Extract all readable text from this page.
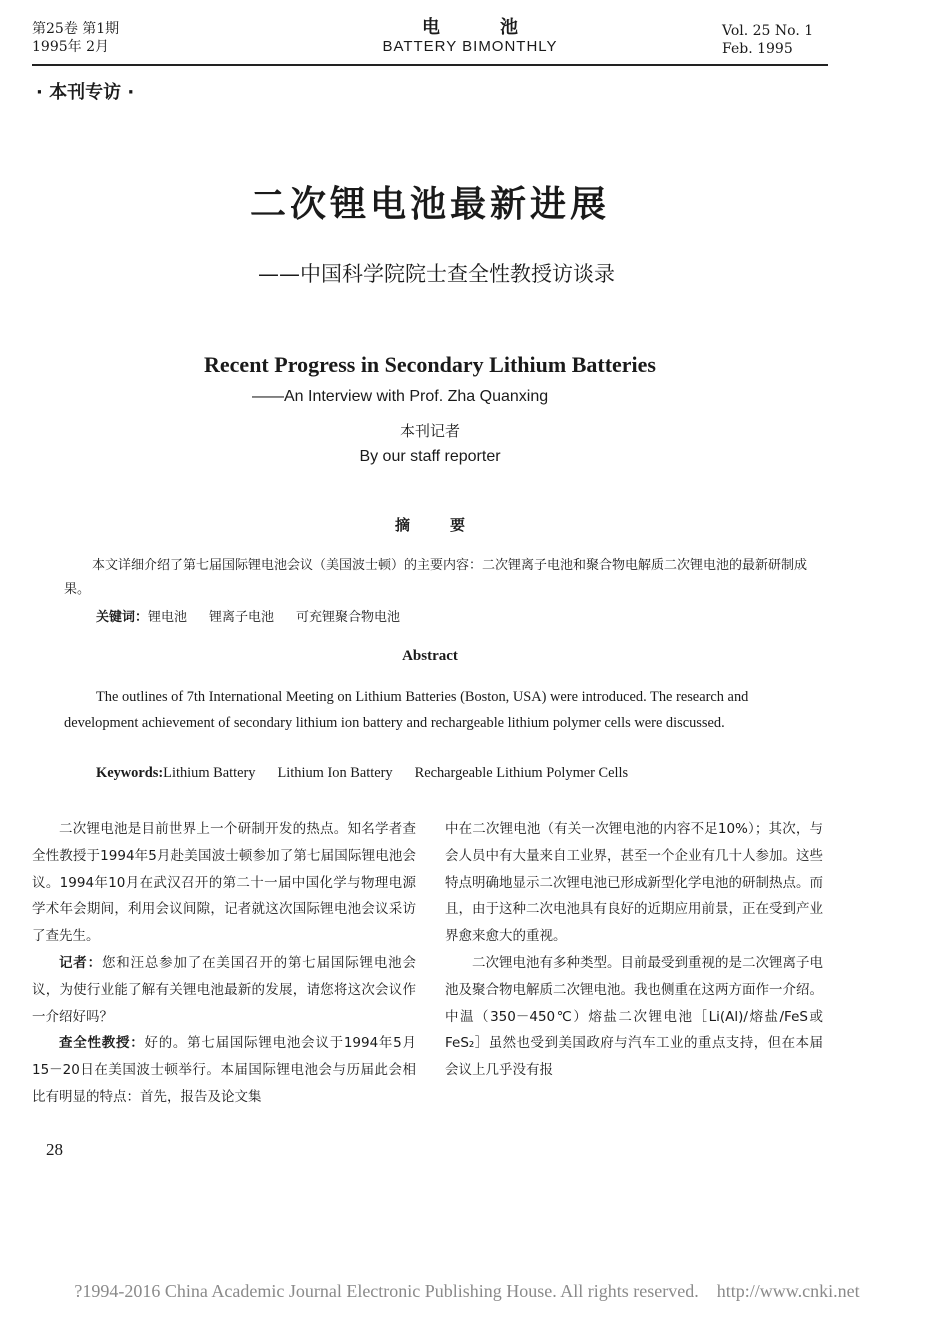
第25卷 第1期
1995年 2月
电池
BATTERY BIMONTHLY
Vol. 25 No. 1
Feb. 1995
· 本刊专访 ·
二次锂电池最新进展
——中国科学院院士查全性教授访谈录
Recent Progress in Secondary Lithium Batteries
——An Interview with Prof. Zha Quanxing
本刊记者
By our staff reporter
摘要

本文详细介绍了第七届国际锂电池会议（美国波士顿）的主要内容：二次锂离子电池和聚合物电解质二次锂电池的最新研制成果。

关键词：锂电池 锂离子电池 可充锂聚合物电池
Abstract

The outlines of 7th International Meeting on Lithium Batteries (Boston, USA) were introduced. The research and development achievement of secondary lithium ion battery and rechargeable lithium polymer cells were discussed.

Keywords:Lithium Battery Lithium Ion Battery Rechargeable Lithium Polymer Cells

二次锂电池是目前世界上一个研制开发的热点。知名学者查全性教授于1994年5月赴美国波士顿参加了第七届国际锂电池会议。1994年10月在武汉召开的第二十一届中国化学与物理电源学术年会期间，利用会议间隙，记者就这次国际锂电池会议采访了查先生。

记者：您和汪总参加了在美国召开的第七届国际锂电池会议，为使行业能了解有关锂电池最新的发展，请您将这次会议作一介绍好吗？

查全性教授：好的。第七届国际锂电池会议于1994年5月15－20日在美国波士顿举行。本届国际锂电池会与历届此会相比有明显的特点：首先，报告及论文集

中在二次锂电池（有关一次锂电池的内容不足10%）；其次，与会人员中有大量来自工业界，甚至一个企业有几十人参加。这些特点明确地显示二次锂电池已形成新型化学电池的研制热点。而且，由于这种二次电池具有良好的近期应用前景，正在受到产业界愈来愈大的重视。

二次锂电池有多种类型。目前最受到重视的是二次锂离子电池及聚合物电解质二次锂电池。我也侧重在这两方面作一介绍。中温（350－450℃）熔盐二次锂电池［Li(Al)/熔盐/FeS或FeS₂］虽然也受到美国政府与汽车工业的重点支持，但在本届会议上几乎没有报

28
?1994-2016 China Academic Journal Electronic Publishing House. All rights reserved.    http://www.cnki.net
